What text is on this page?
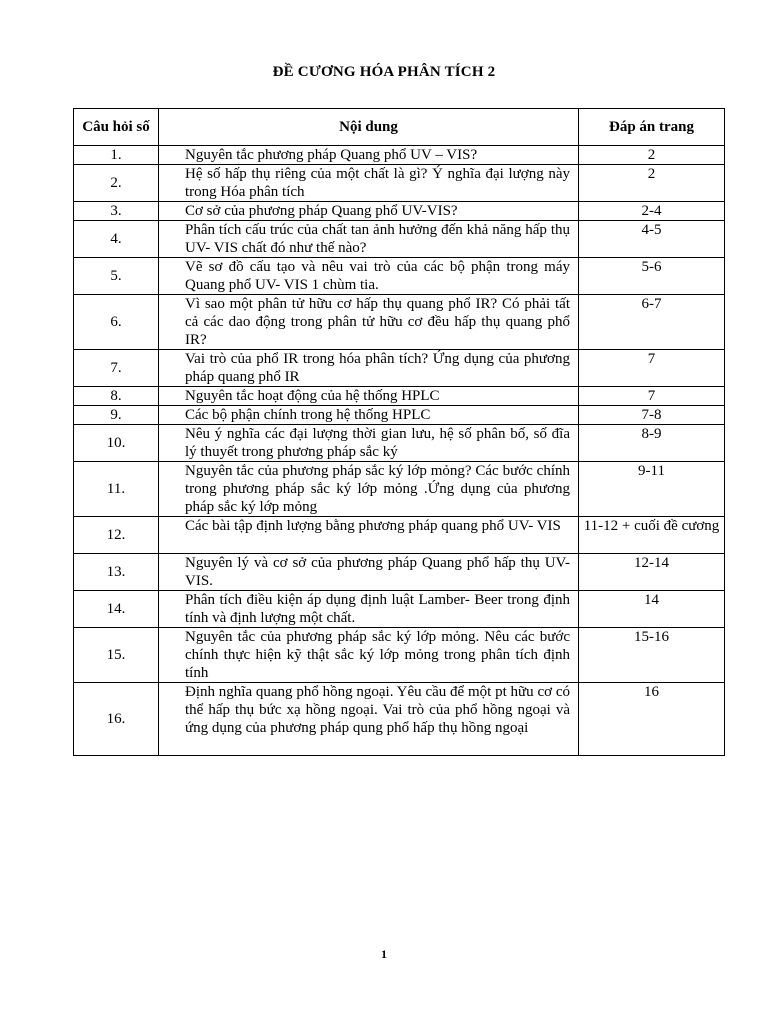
ĐỀ CƯƠNG HÓA PHÂN TÍCH 2
Câu hỏi số	Nội dung	Đáp án trang
1.	Nguyên tắc phương pháp Quang phổ UV – VIS?	2
2.	Hệ số hấp thụ riêng của một chất là gì? Ý nghĩa đại lượng này trong Hóa phân tích	2
3.	Cơ sở của phương pháp Quang phổ UV-VIS?	2-4
4.	Phân tích cấu trúc của chất tan ảnh hưởng đến khả năng hấp thụ UV- VIS chất đó như thế nào?	4-5
5.	Vẽ sơ đồ cấu tạo và nêu vai trò của các bộ phận trong máy Quang phổ UV- VIS 1 chùm tia.	5-6
6.	Vì sao một phân tử hữu cơ hấp thụ quang phổ IR? Có phải tất cả các dao động trong phân tử hữu cơ đều hấp thụ quang phổ IR?	6-7
7.	Vai trò của phổ IR trong hóa phân tích? Ứng dụng của phương pháp quang phổ IR	7
8.	Nguyên tắc hoạt động của hệ thống HPLC	7
9.	Các bộ phận chính trong hệ thống HPLC	7-8
10.	Nêu ý nghĩa các đại lượng thời gian lưu, hệ số phân bố, số đĩa lý thuyết trong phương pháp sắc ký	8-9
11.	Nguyên tắc của phương pháp sắc ký lớp mỏng? Các bước chính trong phương pháp sắc ký lớp mỏng .Ứng dụng của phương pháp sắc ký lớp mỏng	9-11
12.	Các bài tập định lượng bằng phương pháp quang phổ UV- VIS	11-12 + cuối đề cương
13.	Nguyên lý và cơ sở của phương pháp Quang phổ hấp thụ UV-VIS.	12-14
14.	Phân tích điều kiện áp dụng định luật Lamber- Beer trong định tính và định lượng một chất.	14
15.	Nguyên tắc của phương pháp sắc ký lớp mỏng. Nêu các bước chính thực hiện kỹ thật sắc ký lớp mỏng trong phân tích định tính	15-16
16.	Định nghĩa quang phổ hồng ngoại. Yêu cầu để một pt hữu cơ có thể hấp thụ bức xạ hồng ngoại. Vai trò của phổ hồng ngoại và ứng dụng của phương pháp qung phổ hấp thụ hồng ngoại	16
1
